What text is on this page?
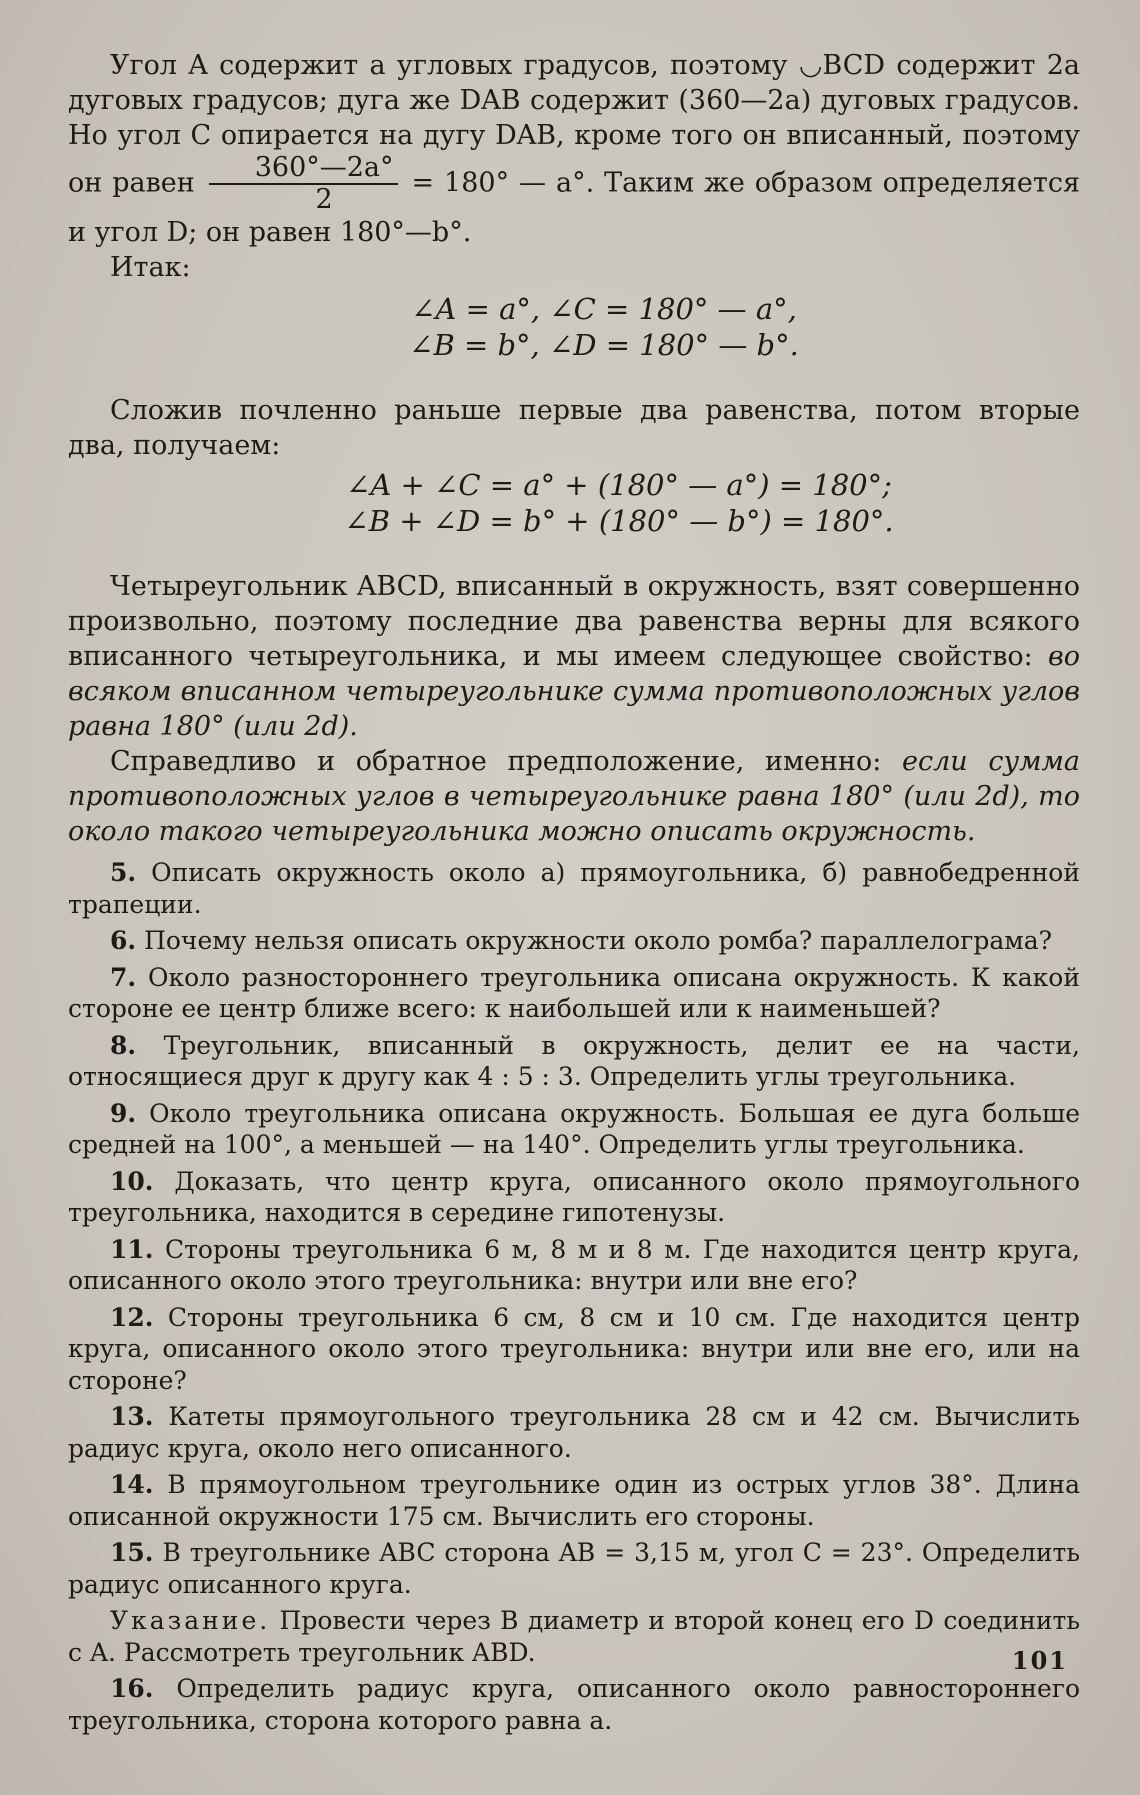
Угол A содержит a угловых градусов, поэтому ◡BCD содержит 2a дуговых градусов; дуга же DAB содержит (360—2a) дуговых градусов. Но угол C опирается на дугу DAB, кроме того он вписанный, поэтому он равен $\frac{360^\circ—2a^\circ}{2} = 180^\circ$ — a°. Таким же образом определяется и угол D; он равен 180°—b°.

Итак:

∠A = a°, ∠C = 180° — a°,
∠B = b°, ∠D = 180° — b°.

Сложив почленно раньше первые два равенства, потом вторые два, получаем:

∠A + ∠C = a° + (180° — a°) = 180°;
∠B + ∠D = b° + (180° — b°) = 180°.

Четыреугольник ABCD, вписанный в окружность, взят совершенно произвольно, поэтому последние два равенства верны для всякого вписанного четыреугольника, и мы имеем следующее свойство: во всяком вписанном четыреугольнике сумма противоположных углов равна 180° (или 2d).

Справедливо и обратное предположение, именно: если сумма противоположных углов в четыреугольнике равна 180° (или 2d), то около такого четыреугольника можно описать окружность.

5. Описать окружность около а) прямоугольника, б) равнобедренной трапеции.

6. Почему нельзя описать окружности около ромба? параллелограма?

7. Около разностороннего треугольника описана окружность. К какой стороне ее центр ближе всего: к наибольшей или к наименьшей?

8. Треугольник, вписанный в окружность, делит ее на части, относящиеся друг к другу как 4 : 5 : 3. Определить углы треугольника.

9. Около треугольника описана окружность. Большая ее дуга больше средней на 100°, а меньшей — на 140°. Определить углы треугольника.

10. Доказать, что центр круга, описанного около прямоугольного треугольника, находится в середине гипотенузы.

11. Стороны треугольника 6 м, 8 м и 8 м. Где находится центр круга, описанного около этого треугольника: внутри или вне его?

12. Стороны треугольника 6 см, 8 см и 10 см. Где находится центр круга, описанного около этого треугольника: внутри или вне его, или на стороне?

13. Катеты прямоугольного треугольника 28 см и 42 см. Вычислить радиус круга, около него описанного.

14. В прямоугольном треугольнике один из острых углов 38°. Длина описанной окружности 175 см. Вычислить его стороны.

15. В треугольнике ABC сторона AB = 3,15 м, угол C = 23°. Определить радиус описанного круга.

Указание. Провести через B диаметр и второй конец его D соединить с A. Рассмотреть треугольник ABD.

16. Определить радиус круга, описанного около равностороннего треугольника, сторона которого равна a.

101
